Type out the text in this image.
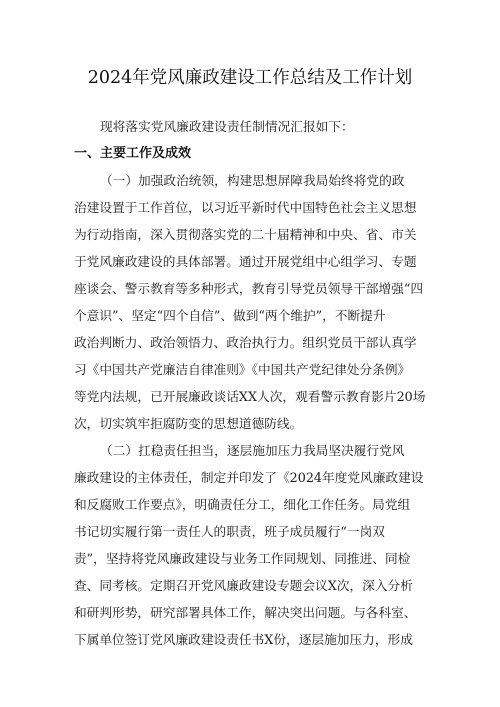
2024年党风廉政建设工作总结及工作计划
现将落实党风廉政建设责任制情况汇报如下：
一、主要工作及成效
（一）加强政治统领，构建思想屏障我局始终将党的政
治建设置于工作首位，以习近平新时代中国特色社会主义思想
为行动指南，深入贯彻落实党的二十届精神和中央、省、市关
于党风廉政建设的具体部署。通过开展党组中心组学习、专题
座谈会、警示教育等多种形式，教育引导党员领导干部增强“四
个意识”、坚定“四个自信”、做到“两个维护”，不断提升
政治判断力、政治领悟力、政治执行力。组织党员干部认真学
习《中国共产党廉洁自律准则》《中国共产党纪律处分条例》
等党内法规，已开展廉政谈话XX人次，观看警示教育影片20场
次，切实筑牢拒腐防变的思想道德防线。
（二）扛稳责任担当，逐层施加压力我局坚决履行党风
廉政建设的主体责任，制定并印发了《2024年度党风廉政建设
和反腐败工作要点》，明确责任分工，细化工作任务。局党组
书记切实履行第一责任人的职责，班子成员履行“一岗双
责”，坚持将党风廉政建设与业务工作同规划、同推进、同检
查、同考核。定期召开党风廉政建设专题会议X次，深入分析
和研判形势，研究部署具体工作，解决突出问题。与各科室、
下属单位签订党风廉政建设责任书X份，逐层施加压力，形成
